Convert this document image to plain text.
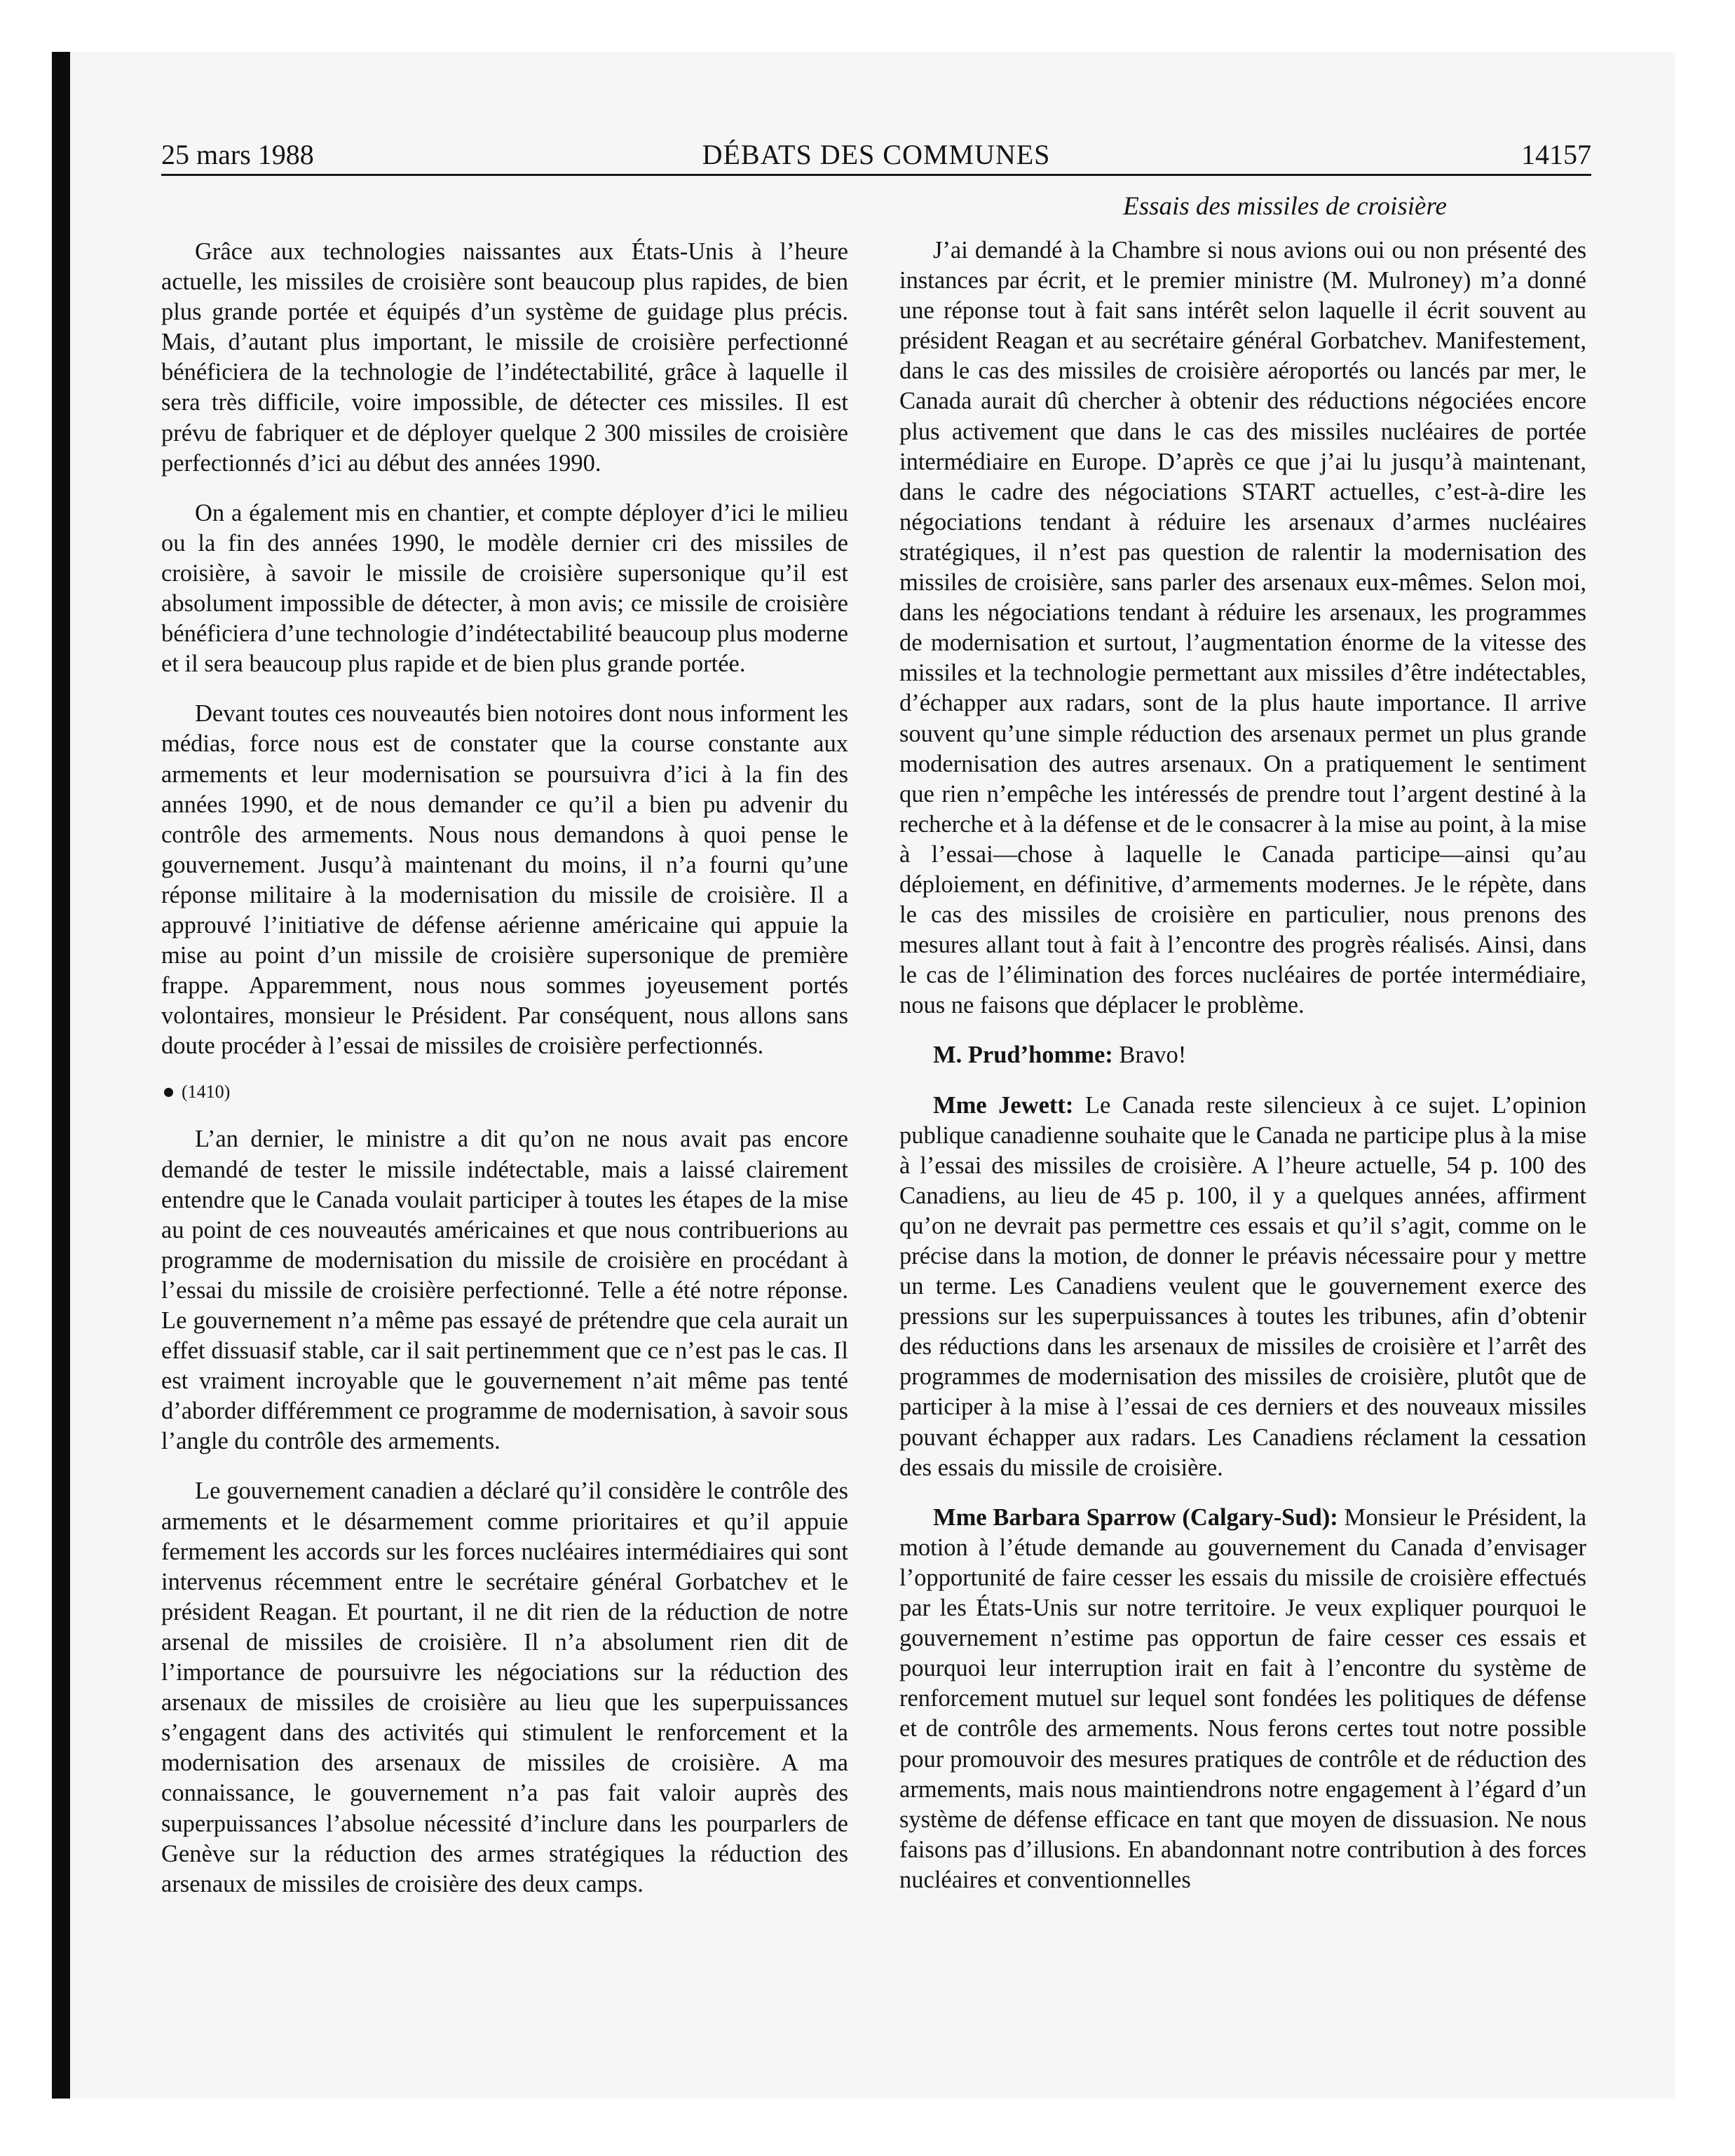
25 mars 1988	DÉBATS DES COMMUNES	14157

Grâce aux technologies naissantes aux États-Unis à l’heure actuelle, les missiles de croisière sont beaucoup plus rapides, de bien plus grande portée et équipés d’un système de guidage plus précis. Mais, d’autant plus important, le missile de croisière perfectionné bénéficiera de la technologie de l’indétectabilité, grâce à laquelle il sera très difficile, voire impossible, de détecter ces missiles. Il est prévu de fabriquer et de déployer quelque 2 300 missiles de croisière perfectionnés d’ici au début des années 1990.

On a également mis en chantier, et compte déployer d’ici le milieu ou la fin des années 1990, le modèle dernier cri des missiles de croisière, à savoir le missile de croisière supersonique qu’il est absolument impossible de détecter, à mon avis; ce missile de croisière bénéficiera d’une technologie d’indétectabilité beaucoup plus moderne et il sera beaucoup plus rapide et de bien plus grande portée.

Devant toutes ces nouveautés bien notoires dont nous informent les médias, force nous est de constater que la course constante aux armements et leur modernisation se poursuivra d’ici à la fin des années 1990, et de nous demander ce qu’il a bien pu advenir du contrôle des armements. Nous nous demandons à quoi pense le gouvernement. Jusqu’à maintenant du moins, il n’a fourni qu’une réponse militaire à la modernisation du missile de croisière. Il a approuvé l’initiative de défense aérienne américaine qui appuie la mise au point d’un missile de croisière supersonique de première frappe. Apparemment, nous nous sommes joyeusement portés volontaires, monsieur le Président. Par conséquent, nous allons sans doute procéder à l’essai de missiles de croisière perfectionnés.

(1410)

L’an dernier, le ministre a dit qu’on ne nous avait pas encore demandé de tester le missile indétectable, mais a laissé clairement entendre que le Canada voulait participer à toutes les étapes de la mise au point de ces nouveautés américaines et que nous contribuerions au programme de modernisation du missile de croisière en procédant à l’essai du missile de croisière perfectionné. Telle a été notre réponse. Le gouvernement n’a même pas essayé de prétendre que cela aurait un effet dissuasif stable, car il sait pertinemment que ce n’est pas le cas. Il est vraiment incroyable que le gouvernement n’ait même pas tenté d’aborder différemment ce programme de modernisation, à savoir sous l’angle du contrôle des armements.

Le gouvernement canadien a déclaré qu’il considère le contrôle des armements et le désarmement comme prioritaires et qu’il appuie fermement les accords sur les forces nucléaires intermédiaires qui sont intervenus récemment entre le secrétaire général Gorbatchev et le président Reagan. Et pourtant, il ne dit rien de la réduction de notre arsenal de missiles de croisière. Il n’a absolument rien dit de l’importance de poursuivre les négociations sur la réduction des arsenaux de missiles de croisière au lieu que les superpuissances s’engagent dans des activités qui stimulent le renforcement et la modernisation des arsenaux de missiles de croisière. A ma connaissance, le gouvernement n’a pas fait valoir auprès des superpuissances l’absolue nécessité d’inclure dans les pourparlers de Genève sur la réduction des armes stratégiques la réduction des arsenaux de missiles de croisière des deux camps.

Essais des missiles de croisière

J’ai demandé à la Chambre si nous avions oui ou non présenté des instances par écrit, et le premier ministre (M. Mulroney) m’a donné une réponse tout à fait sans intérêt selon laquelle il écrit souvent au président Reagan et au secrétaire général Gorbatchev. Manifestement, dans le cas des missiles de croisière aéroportés ou lancés par mer, le Canada aurait dû chercher à obtenir des réductions négociées encore plus activement que dans le cas des missiles nucléaires de portée intermédiaire en Europe. D’après ce que j’ai lu jusqu’à maintenant, dans le cadre des négociations START actuelles, c’est-à-dire les négociations tendant à réduire les arsenaux d’armes nucléaires stratégiques, il n’est pas question de ralentir la modernisation des missiles de croisière, sans parler des arsenaux eux-mêmes. Selon moi, dans les négociations tendant à réduire les arsenaux, les programmes de modernisation et surtout, l’augmentation énorme de la vitesse des missiles et la technologie permettant aux missiles d’être indétectables, d’échapper aux radars, sont de la plus haute importance. Il arrive souvent qu’une simple réduction des arsenaux permet un plus grande modernisation des autres arsenaux. On a pratiquement le sentiment que rien n’empêche les intéressés de prendre tout l’argent destiné à la recherche et à la défense et de le consacrer à la mise au point, à la mise à l’essai—chose à laquelle le Canada participe—ainsi qu’au déploiement, en définitive, d’armements modernes. Je le répète, dans le cas des missiles de croisière en particulier, nous prenons des mesures allant tout à fait à l’encontre des progrès réalisés. Ainsi, dans le cas de l’élimination des forces nucléaires de portée intermédiaire, nous ne faisons que déplacer le problème.

M. Prud’homme: Bravo!

Mme Jewett: Le Canada reste silencieux à ce sujet. L’opinion publique canadienne souhaite que le Canada ne participe plus à la mise à l’essai des missiles de croisière. A l’heure actuelle, 54 p. 100 des Canadiens, au lieu de 45 p. 100, il y a quelques années, affirment qu’on ne devrait pas permettre ces essais et qu’il s’agit, comme on le précise dans la motion, de donner le préavis nécessaire pour y mettre un terme. Les Canadiens veulent que le gouvernement exerce des pressions sur les superpuissances à toutes les tribunes, afin d’obtenir des réductions dans les arsenaux de missiles de croisière et l’arrêt des programmes de modernisation des missiles de croisière, plutôt que de participer à la mise à l’essai de ces derniers et des nouveaux missiles pouvant échapper aux radars. Les Canadiens réclament la cessation des essais du missile de croisière.

Mme Barbara Sparrow (Calgary-Sud): Monsieur le Président, la motion à l’étude demande au gouvernement du Canada d’envisager l’opportunité de faire cesser les essais du missile de croisière effectués par les États-Unis sur notre territoire. Je veux expliquer pourquoi le gouvernement n’estime pas opportun de faire cesser ces essais et pourquoi leur interruption irait en fait à l’encontre du système de renforcement mutuel sur lequel sont fondées les politiques de défense et de contrôle des armements. Nous ferons certes tout notre possible pour promouvoir des mesures pratiques de contrôle et de réduction des armements, mais nous maintiendrons notre engagement à l’égard d’un système de défense efficace en tant que moyen de dissuasion. Ne nous faisons pas d’illusions. En abandonnant notre contribution à des forces nucléaires et conventionnelles
